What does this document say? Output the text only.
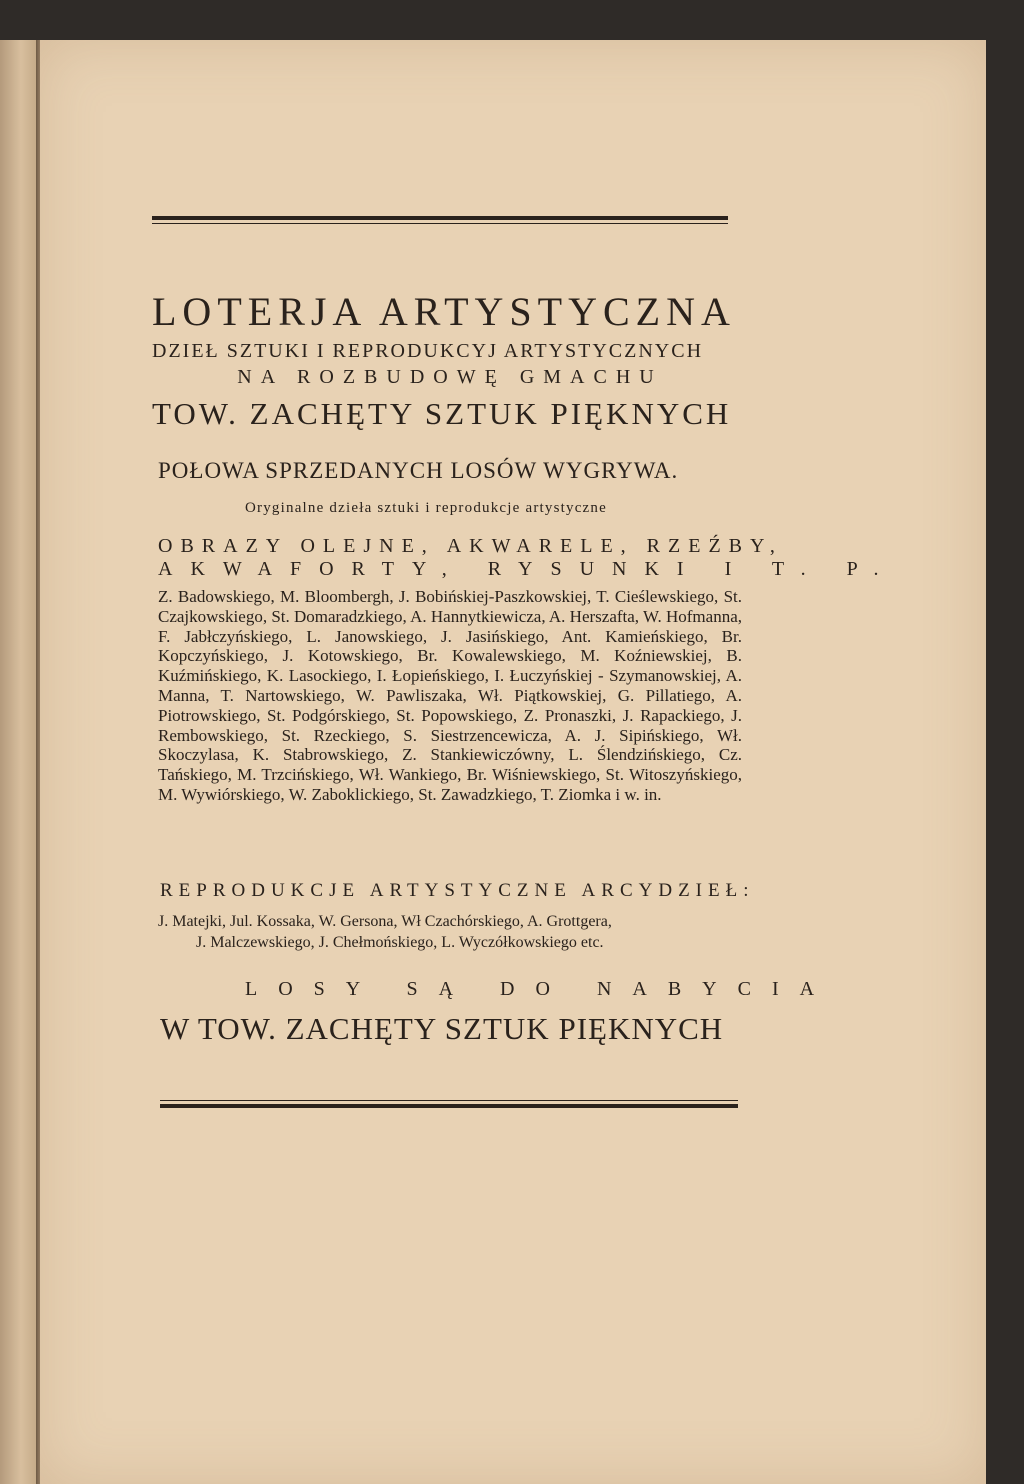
LOTERJA ARTYSTYCZNA
DZIEŁ SZTUKI I REPRODUKCYJ ARTYSTYCZNYCH
NA ROZBUDOWĘ GMACHU
TOW. ZACHĘTY SZTUK PIĘKNYCH
POŁOWA SPRZEDANYCH LOSÓW WYGRYWA.
Oryginalne dzieła sztuki i reprodukcje artystyczne
OBRAZY OLEJNE, AKWARELE, RZEŹBY,
AKWAFORTY, RYSUNKI I T. P.
Z. Badowskiego, M. Bloombergh, J. Bobińskiej-Paszkowskiej, T. Cieślewskiego, St. Czajkowskiego, St. Domaradzkiego, A. Hannytkiewicza, A. Herszafta, W. Hofmanna, F. Jabłczyńskiego, L. Janowskiego, J. Jasińskiego, Ant. Kamieńskiego, Br. Kopczyńskiego, J. Kotowskiego, Br. Kowalewskiego, M. Koźniewskiej, B. Kuźmińskiego, K. Lasockiego, I. Łopieńskiego, I. Łuczyńskiej - Szymanowskiej, A. Manna, T. Nartowskiego, W. Pawliszaka, Wł. Piątkowskiej, G. Pillatiego, A. Piotrowskiego, St. Podgórskiego, St. Popowskiego, Z. Pronaszki, J. Rapackiego, J. Rembowskiego, St. Rzeckiego, S. Siestrzencewicza, A. J. Sipińskiego, Wł. Skoczylasa, K. Stabrowskiego, Z. Stankiewiczówny, L. Ślendzińskiego, Cz. Tańskiego, M. Trzcińskiego, Wł. Wankiego, Br. Wiśniewskiego, St. Witoszyńskiego, M. Wywiórskiego, W. Zaboklickiego, St. Zawadzkiego, T. Ziomka i w. in.
REPRODUKCJE ARTYSTYCZNE ARCYDZIEŁ:
J. Matejki, Jul. Kossaka, W. Gersona, Wł Czachórskiego, A. Grottgera,
J. Malczewskiego, J. Chełmońskiego, L. Wyczółkowskiego etc.
LOSY SĄ DO NABYCIA
W TOW. ZACHĘTY SZTUK PIĘKNYCH
